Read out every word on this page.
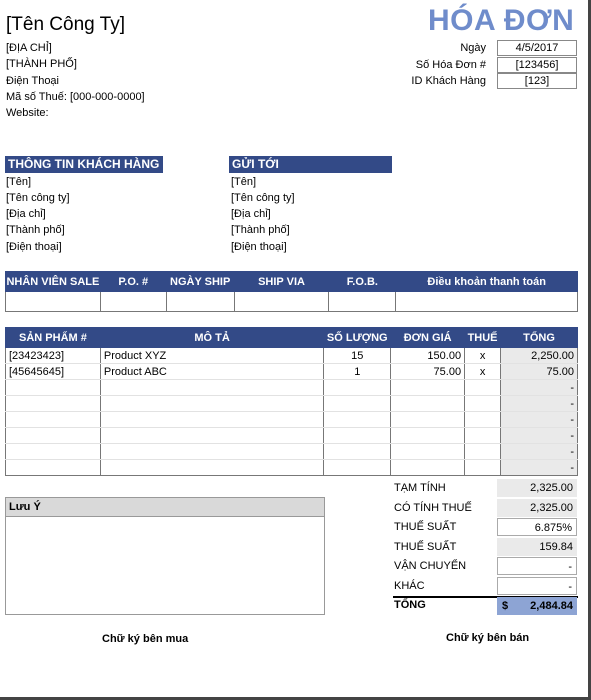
[Tên Công Ty]	HÓA ĐƠN
[ĐỊA CHỈ]
[THÀNH PHỐ]
Điện Thoại
Mã số Thuế: [000-000-0000]
Website:
Ngày	4/5/2017
Số Hóa Đơn #	[123456]
ID Khách Hàng	[123]
THÔNG TIN KHÁCH HÀNG	GỬI TỚI
[Tên]
[Tên công ty]
[Địa chỉ]
[Thành phố]
[Điện thoại]
[Tên]
[Tên công ty]
[Địa chỉ]
[Thành phố]
[Điện thoại]
NHÂN VIÊN SALE	P.O. #	NGÀY SHIP	SHIP VIA	F.O.B.	Điều khoản thanh toán

SẢN PHẨM #	MÔ TẢ	SỐ LƯỢNG	ĐƠN GIÁ	THUẾ	TỔNG
[23423423]	Product XYZ	15	150.00	x	2,250.00
[45645645]	Product ABC	1	75.00	x	75.00
					-
					-
					-
					-
					-
					-
Lưu Ý
TẠM TÍNH	2,325.00
CÓ TÍNH THUẾ	2,325.00
THUẾ SUẤT	6.875%
THUẾ SUẤT	159.84
VẬN CHUYỂN	-
KHÁC	-
TỔNG	$ 2,484.84
Chữ ký bên mua	Chữ ký bên bán
